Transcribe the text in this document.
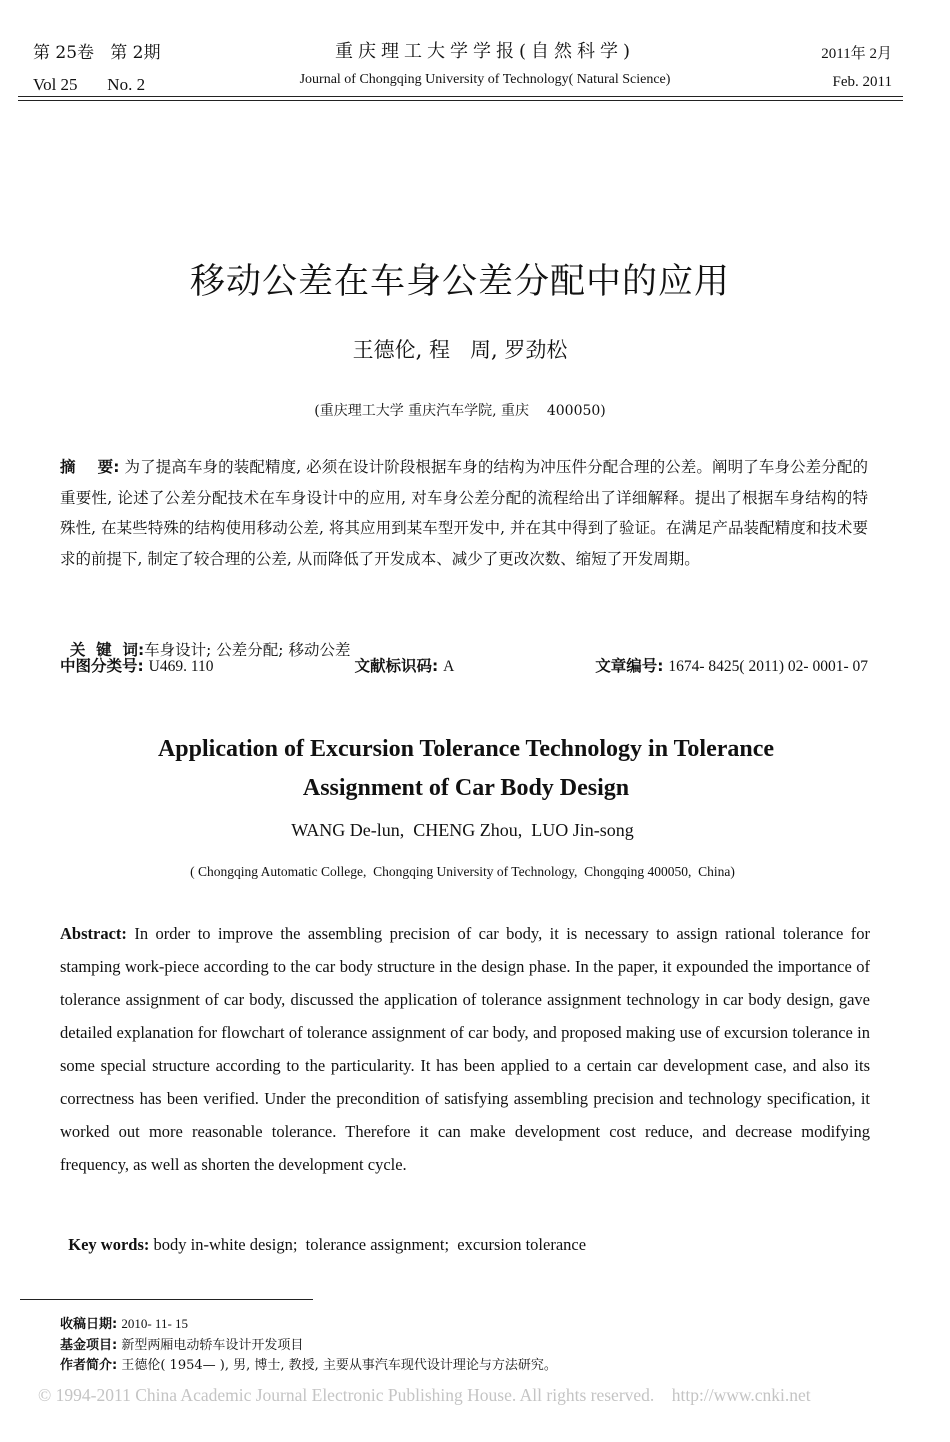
第 25卷   第 2期
Vol 25       No. 2
重庆理工大学学报(自然科学)
Journal of Chongqing University of Technology( Natural Science)
2011年 2月
Feb. 2011
移动公差在车身公差分配中的应用
王德伦, 程   周, 罗劲松
(重庆理工大学 重庆汽车学院, 重庆    400050)
摘    要: 为了提高车身的装配精度, 必须在设计阶段根据车身的结构为冲压件分配合理的公差。阐明了车身公差分配的重要性, 论述了公差分配技术在车身设计中的应用, 对车身公差分配的流程给出了详细解释。提出了根据车身结构的特殊性, 在某些特殊的结构使用移动公差, 将其应用到某车型开发中, 并在其中得到了验证。在满足产品装配精度和技术要求的前提下, 制定了较合理的公差, 从而降低了开发成本、减少了更改次数、缩短了开发周期。

关  键  词:车身设计; 公差分配; 移动公差

中图分类号: U469. 110	文献标识码: A	文章编号: 1674- 8425( 2011) 02- 0001- 07
Application of Excursion Tolerance Technology in Tolerance Assignment of Car Body Design
WANG De-lun,  CHENG Zhou,  LUO Jin-song
( Chongqing Automatic College,  Chongqing University of Technology,  Chongqing 400050,  China)
Abstract: In order to improve the assembling precision of car body, it is necessary to assign rational tolerance for stamping work-piece according to the car body structure in the design phase. In the paper, it expounded the importance of tolerance assignment of car body, discussed the application of tolerance assignment technology in car body design, gave detailed explanation for flowchart of tolerance assignment of car body, and proposed making use of excursion tolerance in some special structure according to the particularity. It has been applied to a certain car development case, and also its correctness has been verified. Under the precondition of satisfying assembling precision and technology specification, it worked out more reasonable tolerance. Therefore it can make development cost reduce, and decrease modifying frequency, as well as shorten the development cycle.

Key words: body in-white design;  tolerance assignment;  excursion tolerance

收稿日期: 2010- 11- 15
基金项目: 新型两厢电动轿车设计开发项目
作者简介: 王德伦( 1954— ), 男, 博士, 教授, 主要从事汽车现代设计理论与方法研究。
© 1994-2011 China Academic Journal Electronic Publishing House. All rights reserved.    http://www.cnki.net
